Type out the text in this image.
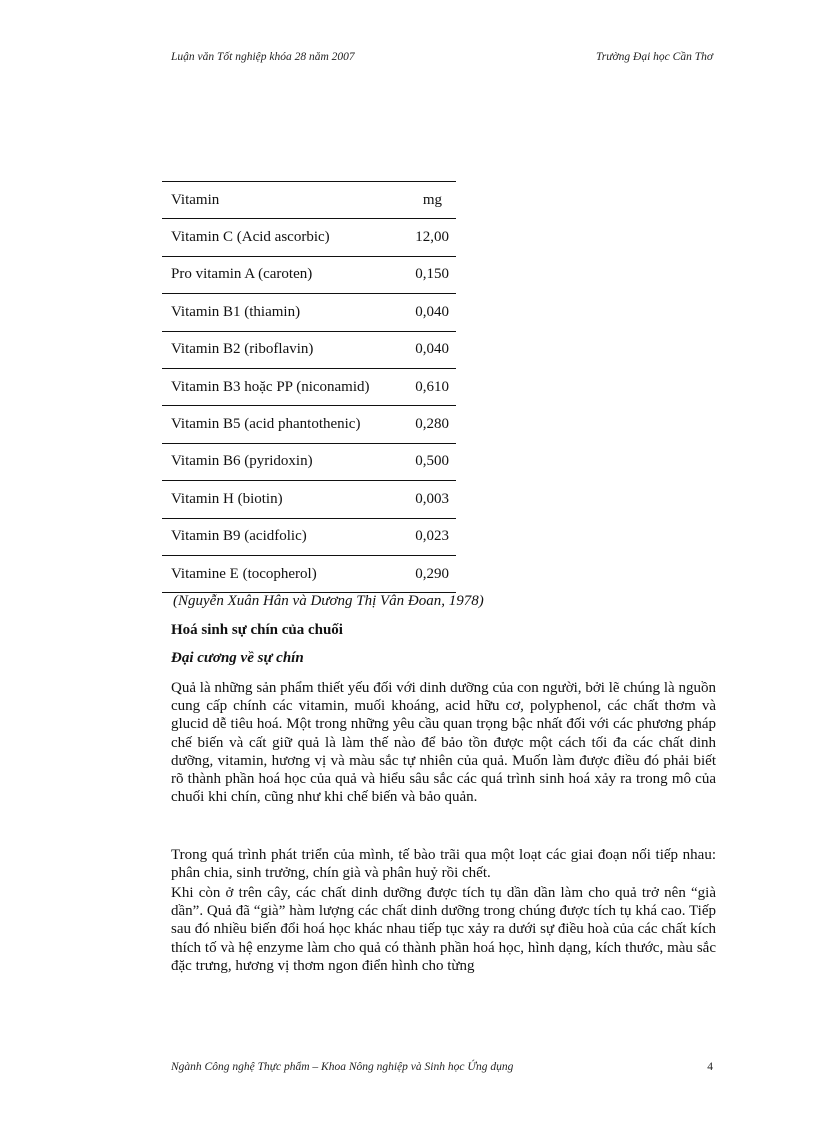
Luận văn Tốt nghiệp khóa 28 năm 2007	Trường Đại học Cần Thơ
Vitamin	mg
Vitamin C (Acid ascorbic)	12,00
Pro vitamin A (caroten)	0,150
Vitamin B1 (thiamin)	0,040
Vitamin B2 (riboflavin)	0,040
Vitamin B3 hoặc PP (niconamid)	0,610
Vitamin B5 (acid phantothenic)	0,280
Vitamin B6 (pyridoxin)	0,500
Vitamin H (biotin)	0,003
Vitamin B9 (acidfolic)	0,023
Vitamine E (tocopherol)	0,290
(Nguyễn Xuân Hân và Dương Thị Vân Đoan, 1978)
Hoá sinh sự chín của chuối
Đại cương về sự chín

Quả là những sản phẩm thiết yếu đối với dinh dưỡng của con người, bởi lẽ chúng là nguồn cung cấp chính các vitamin, muối khoáng, acid hữu cơ, polyphenol, các chất thơm và glucid dễ tiêu hoá. Một trong những yêu cầu quan trọng bậc nhất đối với các phương pháp chế biến và cất giữ quả là làm thế nào để bảo tồn được một cách tối đa các chất dinh dưỡng, vitamin, hương vị và màu sắc tự nhiên của quả. Muốn làm được điều đó phải biết rõ thành phần hoá học của quả và hiểu sâu sắc các quá trình sinh hoá xảy ra trong mô của chuối khi chín, cũng như khi chế biến và bảo quản.

Trong quá trình phát triển của mình, tế bào trãi qua một loạt các giai đoạn nối tiếp nhau: phân chia, sinh trưởng, chín già và phân huỷ rồi chết.

Khi còn ở trên cây, các chất dinh dưỡng được tích tụ dần dần làm cho quả trở nên “già dần”. Quả đã “già” hàm lượng các chất dinh dưỡng trong chúng được tích tụ khá cao. Tiếp sau đó nhiều biến đổi hoá học khác nhau tiếp tục xảy ra dưới sự điều hoà của các chất kích thích tố và hệ enzyme làm cho quả có thành phần hoá học, hình dạng, kích thước, màu sắc đặc trưng, hương vị thơm ngon điển hình cho từng

Ngành Công nghệ Thực phẩm – Khoa Nông nghiệp và Sinh học Ứng dụng	4
